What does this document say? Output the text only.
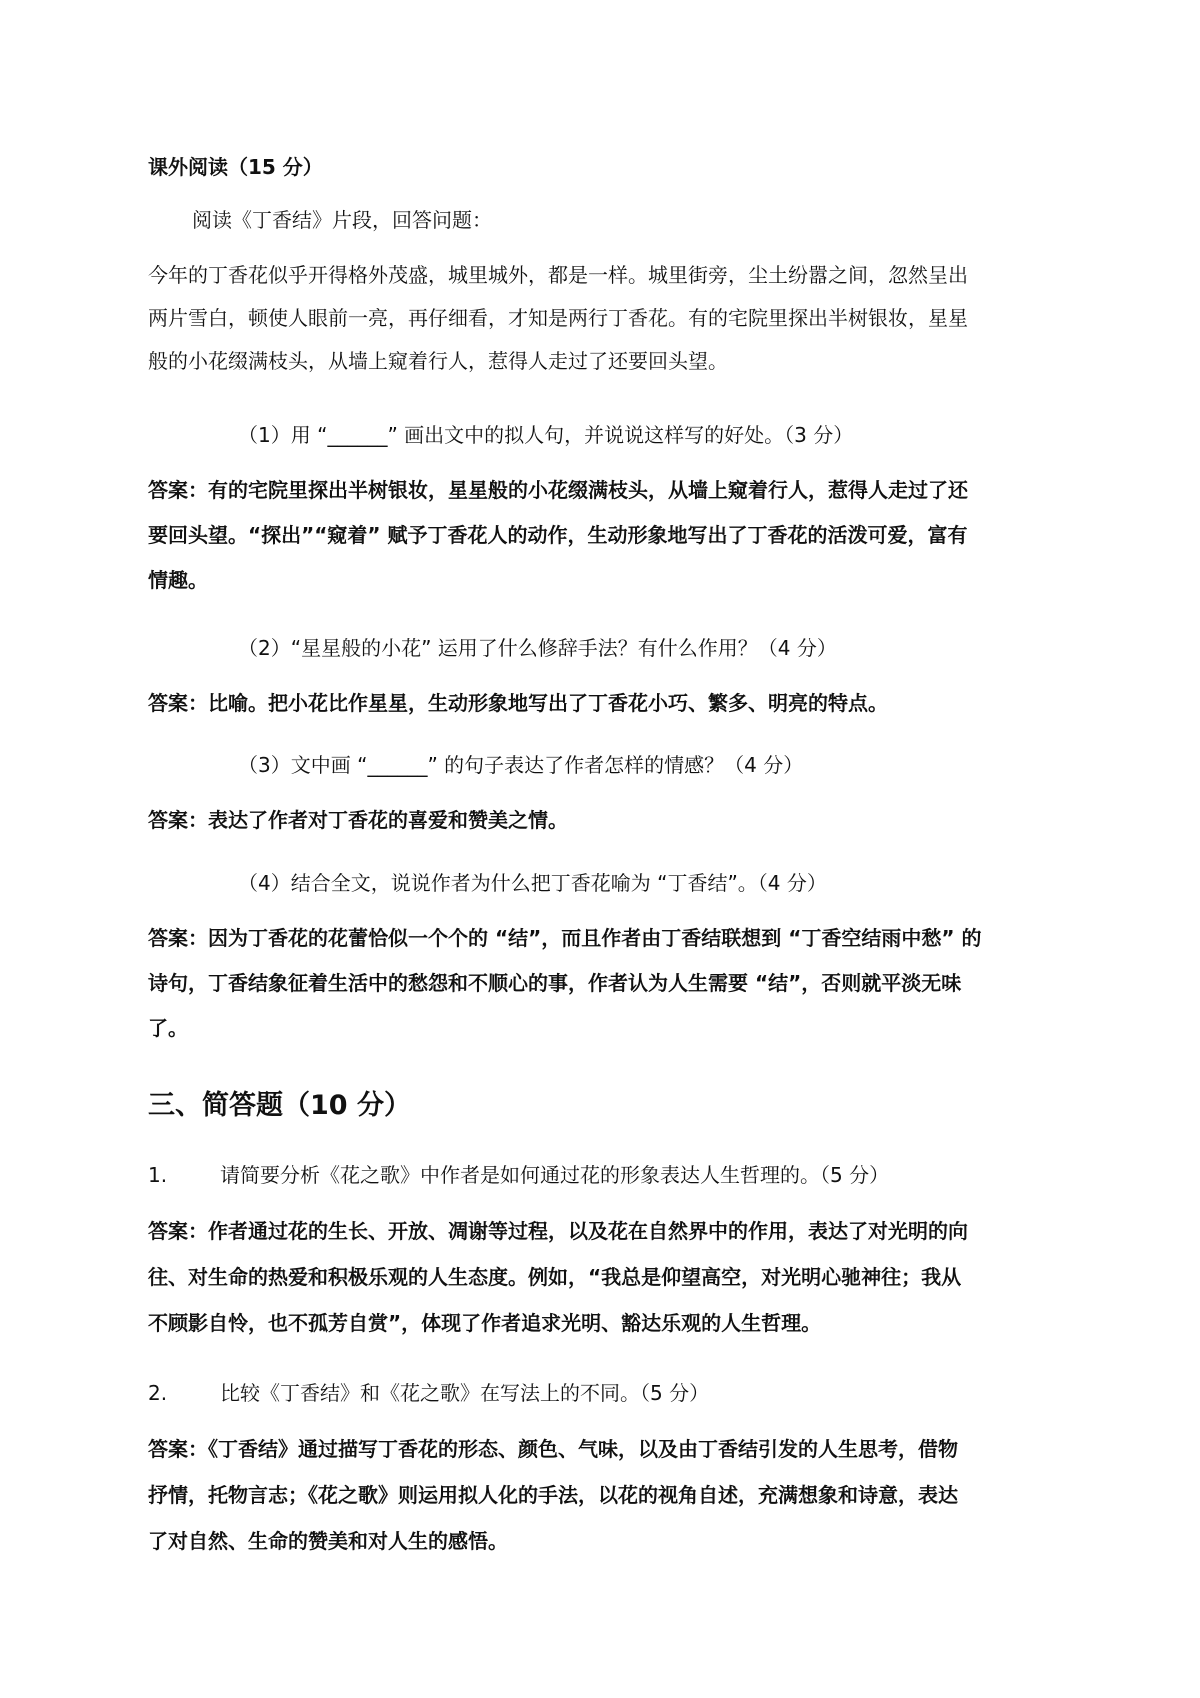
课外阅读（15 分）
阅读《丁香结》片段，回答问题：
今年的丁香花似乎开得格外茂盛，城里城外，都是一样。城里街旁，尘土纷嚣之间，忽然呈出
两片雪白，顿使人眼前一亮，再仔细看，才知是两行丁香花。有的宅院里探出半树银妆，星星
般的小花缀满枝头，从墙上窥着行人，惹得人走过了还要回头望。
（1）用 “______” 画出文中的拟人句，并说说这样写的好处。（3 分）
答案：有的宅院里探出半树银妆，星星般的小花缀满枝头，从墙上窥着行人，惹得人走过了还
要回头望。“探出”“窥着” 赋予丁香花人的动作，生动形象地写出了丁香花的活泼可爱，富有
情趣。
（2）“星星般的小花” 运用了什么修辞手法？有什么作用？（4 分）
答案：比喻。把小花比作星星，生动形象地写出了丁香花小巧、繁多、明亮的特点。
（3）文中画 “______” 的句子表达了作者怎样的情感？（4 分）
答案：表达了作者对丁香花的喜爱和赞美之情。
（4）结合全文，说说作者为什么把丁香花喻为 “丁香结”。（4 分）
答案：因为丁香花的花蕾恰似一个个的 “结”，而且作者由丁香结联想到 “丁香空结雨中愁” 的
诗句，丁香结象征着生活中的愁怨和不顺心的事，作者认为人生需要 “结”，否则就平淡无味
了。
三、简答题（10 分）
1.	请简要分析《花之歌》中作者是如何通过花的形象表达人生哲理的。（5 分）
答案：作者通过花的生长、开放、凋谢等过程，以及花在自然界中的作用，表达了对光明的向
往、对生命的热爱和积极乐观的人生态度。例如，“我总是仰望高空，对光明心驰神往；我从
不顾影自怜，也不孤芳自赏”，体现了作者追求光明、豁达乐观的人生哲理。
2.	比较《丁香结》和《花之歌》在写法上的不同。（5 分）
答案：《丁香结》通过描写丁香花的形态、颜色、气味，以及由丁香结引发的人生思考，借物
抒情，托物言志；《花之歌》则运用拟人化的手法，以花的视角自述，充满想象和诗意，表达
了对自然、生命的赞美和对人生的感悟。
